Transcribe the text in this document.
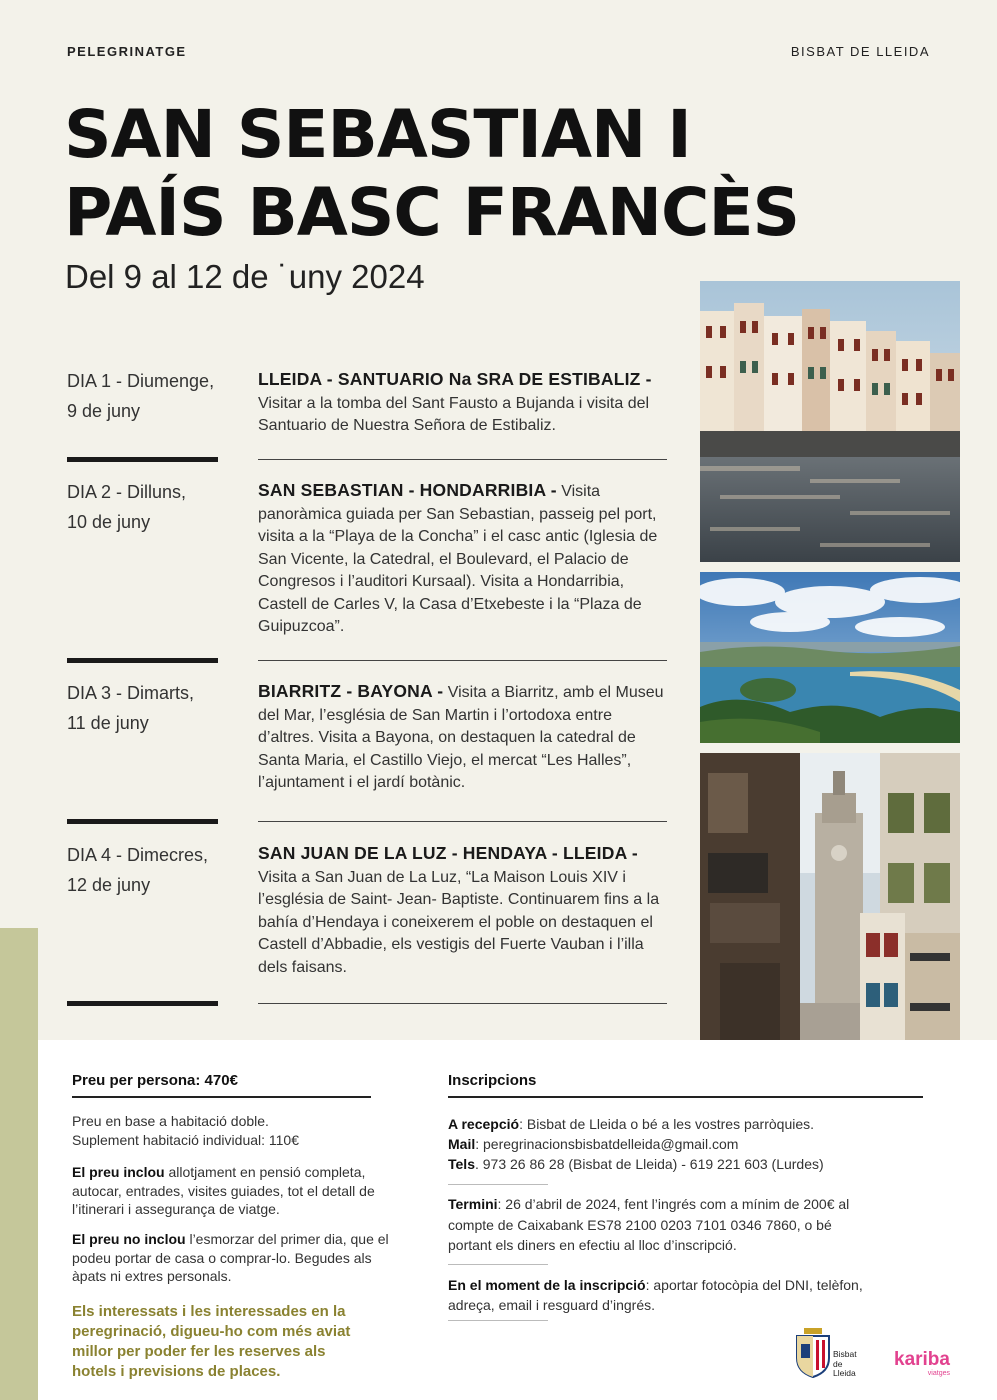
PELEGRINATGE	BISBAT DE LLEIDA
SAN SEBASTIAN I
PAÍS BASC FRANCÈS
Del 9 al 12 de ˙uny 2024
DIA 1 - Diumenge,
9 de juny
LLEIDA - SANTUARIO Na SRA DE ESTIBALIZ - Visitar a la tomba del Sant Fausto a Bujanda i visita del Santuario de Nuestra Señora de Estibaliz.
DIA 2 - Dilluns,
10 de juny
SAN SEBASTIAN - HONDARRIBIA - Visita panoràmica guiada per San Sebastian, passeig pel port, visita a la “Playa de la Concha” i el casc antic (Iglesia de San Vicente, la Catedral, el Boulevard, el Palacio de Congresos i l’auditori Kursaal). Visita a Hondarribia, Castell de Carles V, la Casa d’Etxebeste i la “Plaza de Guipuzcoa”.
DIA 3 - Dimarts,
11 de juny
BIARRITZ - BAYONA - Visita a Biarritz, amb el Museu del Mar, l’església de San Martin i l’ortodoxa entre d’altres. Visita a Bayona, on destaquen la catedral de Santa Maria, el Castillo Viejo, el mercat “Les Halles”, l’ajuntament i el jardí botànic.
DIA 4 - Dimecres,
12 de juny
SAN JUAN DE LA LUZ - HENDAYA - LLEIDA - Visita a San Juan de La Luz, “La Maison Louis XIV i l’església de Saint- Jean- Baptiste. Continuarem fins a la bahía d’Hendaya i coneixerem el poble on destaquen el Castell d’Abbadie, els vestigis del Fuerte Vauban i l’illa dels faisans.
Preu per persona: 470€
Preu en base a habitació doble.
Suplement habitació individual: 110€
El preu inclou allotjament en pensió completa, autocar, entrades, visites guiades, tot el detall de l’itinerari i assegurança de viatge.
El preu no inclou l’esmorzar del primer dia, que el podeu portar de casa o comprar-lo. Begudes als àpats ni extres personals.
Els interessats i les interessades en la peregrinació, digueu-ho com més aviat millor per poder fer les reserves als hotels i previsions de places.
Inscripcions
A recepció: Bisbat de Lleida o bé a les vostres parròquies.
Mail: peregrinacionsbisbatdelleida@gmail.com
Tels. 973 26 86 28 (Bisbat de Lleida) - 619 221 603 (Lurdes)
Termini: 26 d’abril de 2024, fent l’ingrés com a mínim de 200€ al compte de Caixabank ES78 2100 0203 7101 0346 7860, o bé portant els diners en efectiu al lloc d’inscripció.
En el moment de la inscripció: aportar fotocòpia del DNI, telèfon, adreça, email i resguard d’ingrés.
Bisbat
de
Lleida
kariba
viatges
